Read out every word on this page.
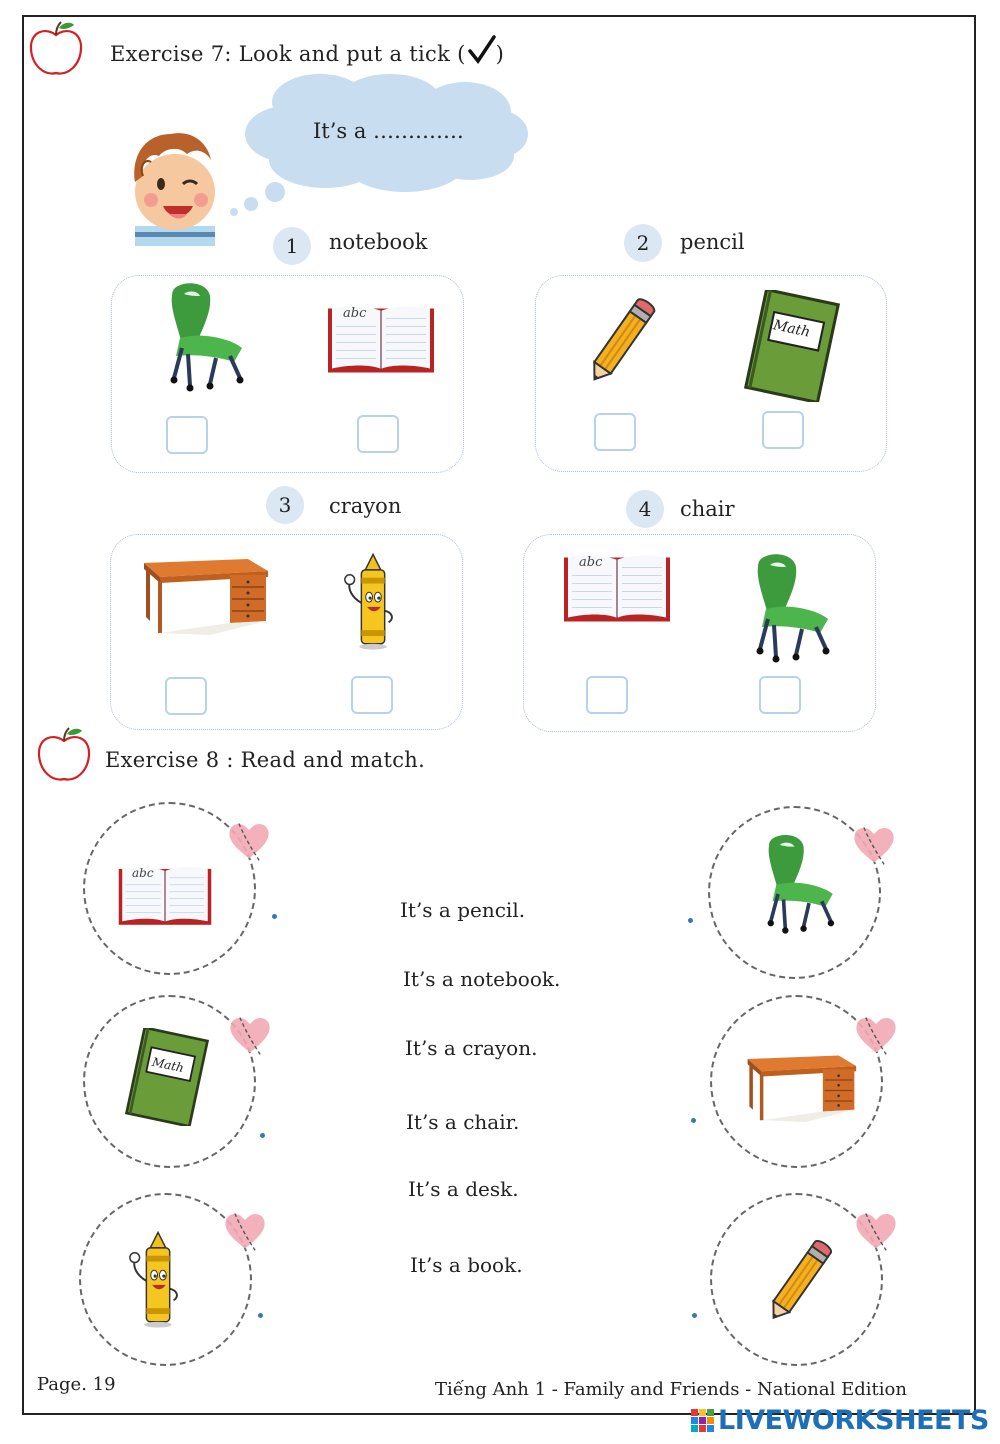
Exercise 7: Look and put a tick ( )
It’s a ………….
1	notebook	2	pencil
3	crayon	4	chair
abc
Math
abc
Exercise 8 : Read and match.
abc
Math
It’s a pencil.
It’s a notebook.
It’s a crayon.
It’s a chair.
It’s a desk.
It’s a book.
Page. 19	Tiếng Anh 1 - Family and Friends - National Edition
LIVEWORKSHEETS
